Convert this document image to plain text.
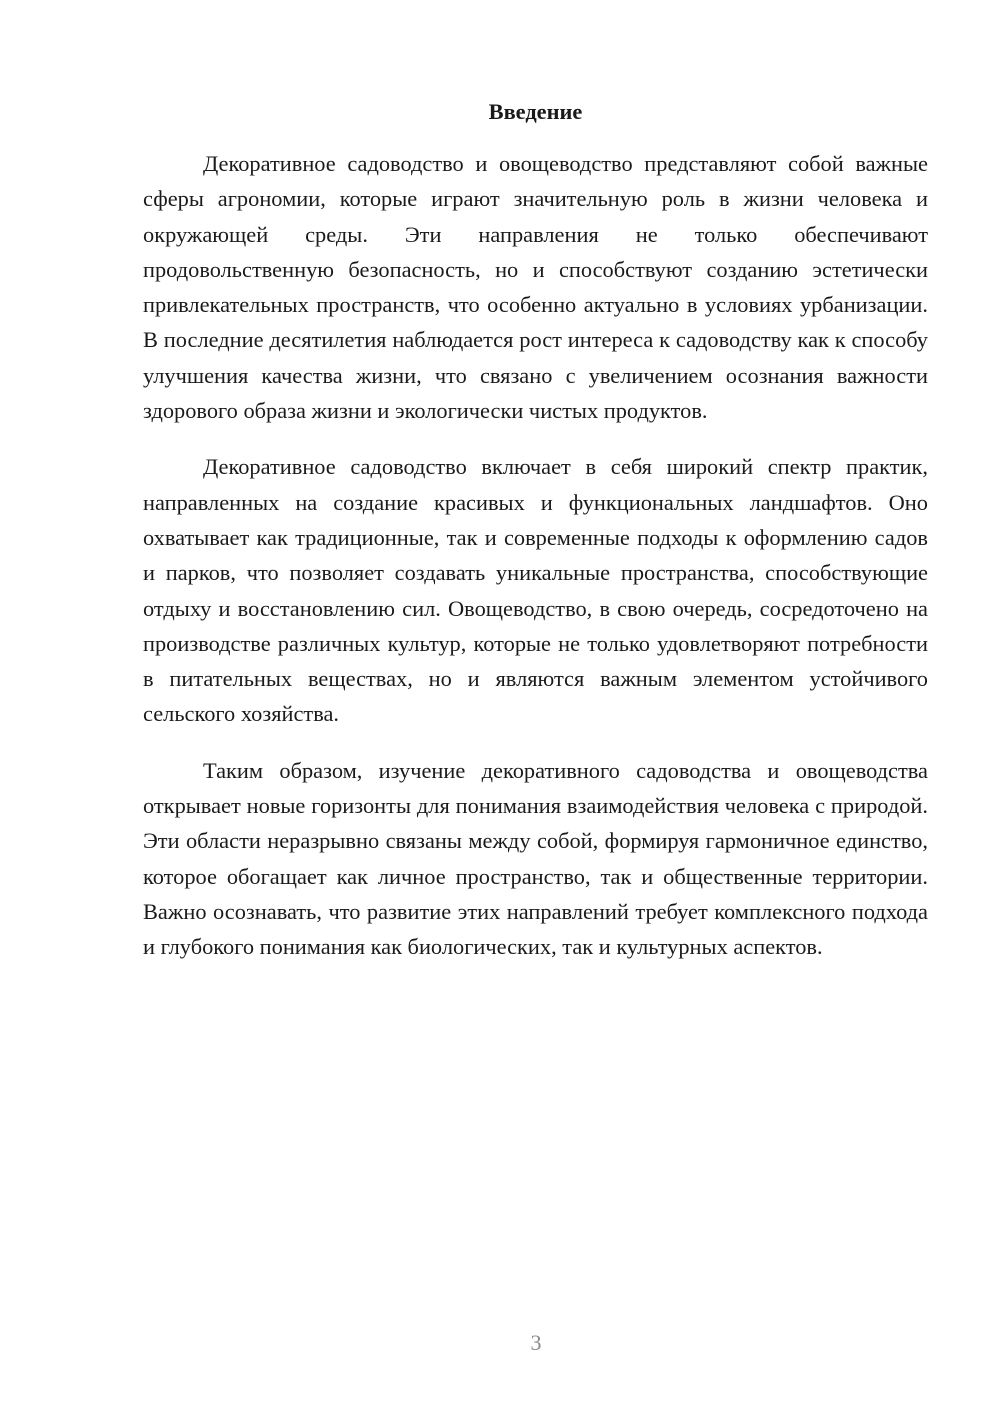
Введение

Декоративное садоводство и овощеводство представляют собой важные сферы агрономии, которые играют значительную роль в жизни человека и окружающей среды. Эти направления не только обеспечивают продовольственную безопасность, но и способствуют созданию эстетически привлекательных пространств, что особенно актуально в условиях урбанизации. В последние десятилетия наблюдается рост интереса к садоводству как к способу улучшения качества жизни, что связано с увеличением осознания важности здорового образа жизни и экологически чистых продуктов.

Декоративное садоводство включает в себя широкий спектр практик, направленных на создание красивых и функциональных ландшафтов. Оно охватывает как традиционные, так и современные подходы к оформлению садов и парков, что позволяет создавать уникальные пространства, способствующие отдыху и восстановлению сил. Овощеводство, в свою очередь, сосредоточено на производстве различных культур, которые не только удовлетворяют потребности в питательных веществах, но и являются важным элементом устойчивого сельского хозяйства.

Таким образом, изучение декоративного садоводства и овощеводства открывает новые горизонты для понимания взаимодействия человека с природой. Эти области неразрывно связаны между собой, формируя гармоничное единство, которое обогащает как личное пространство, так и общественные территории. Важно осознавать, что развитие этих направлений требует комплексного подхода и глубокого понимания как биологических, так и культурных аспектов.

3
